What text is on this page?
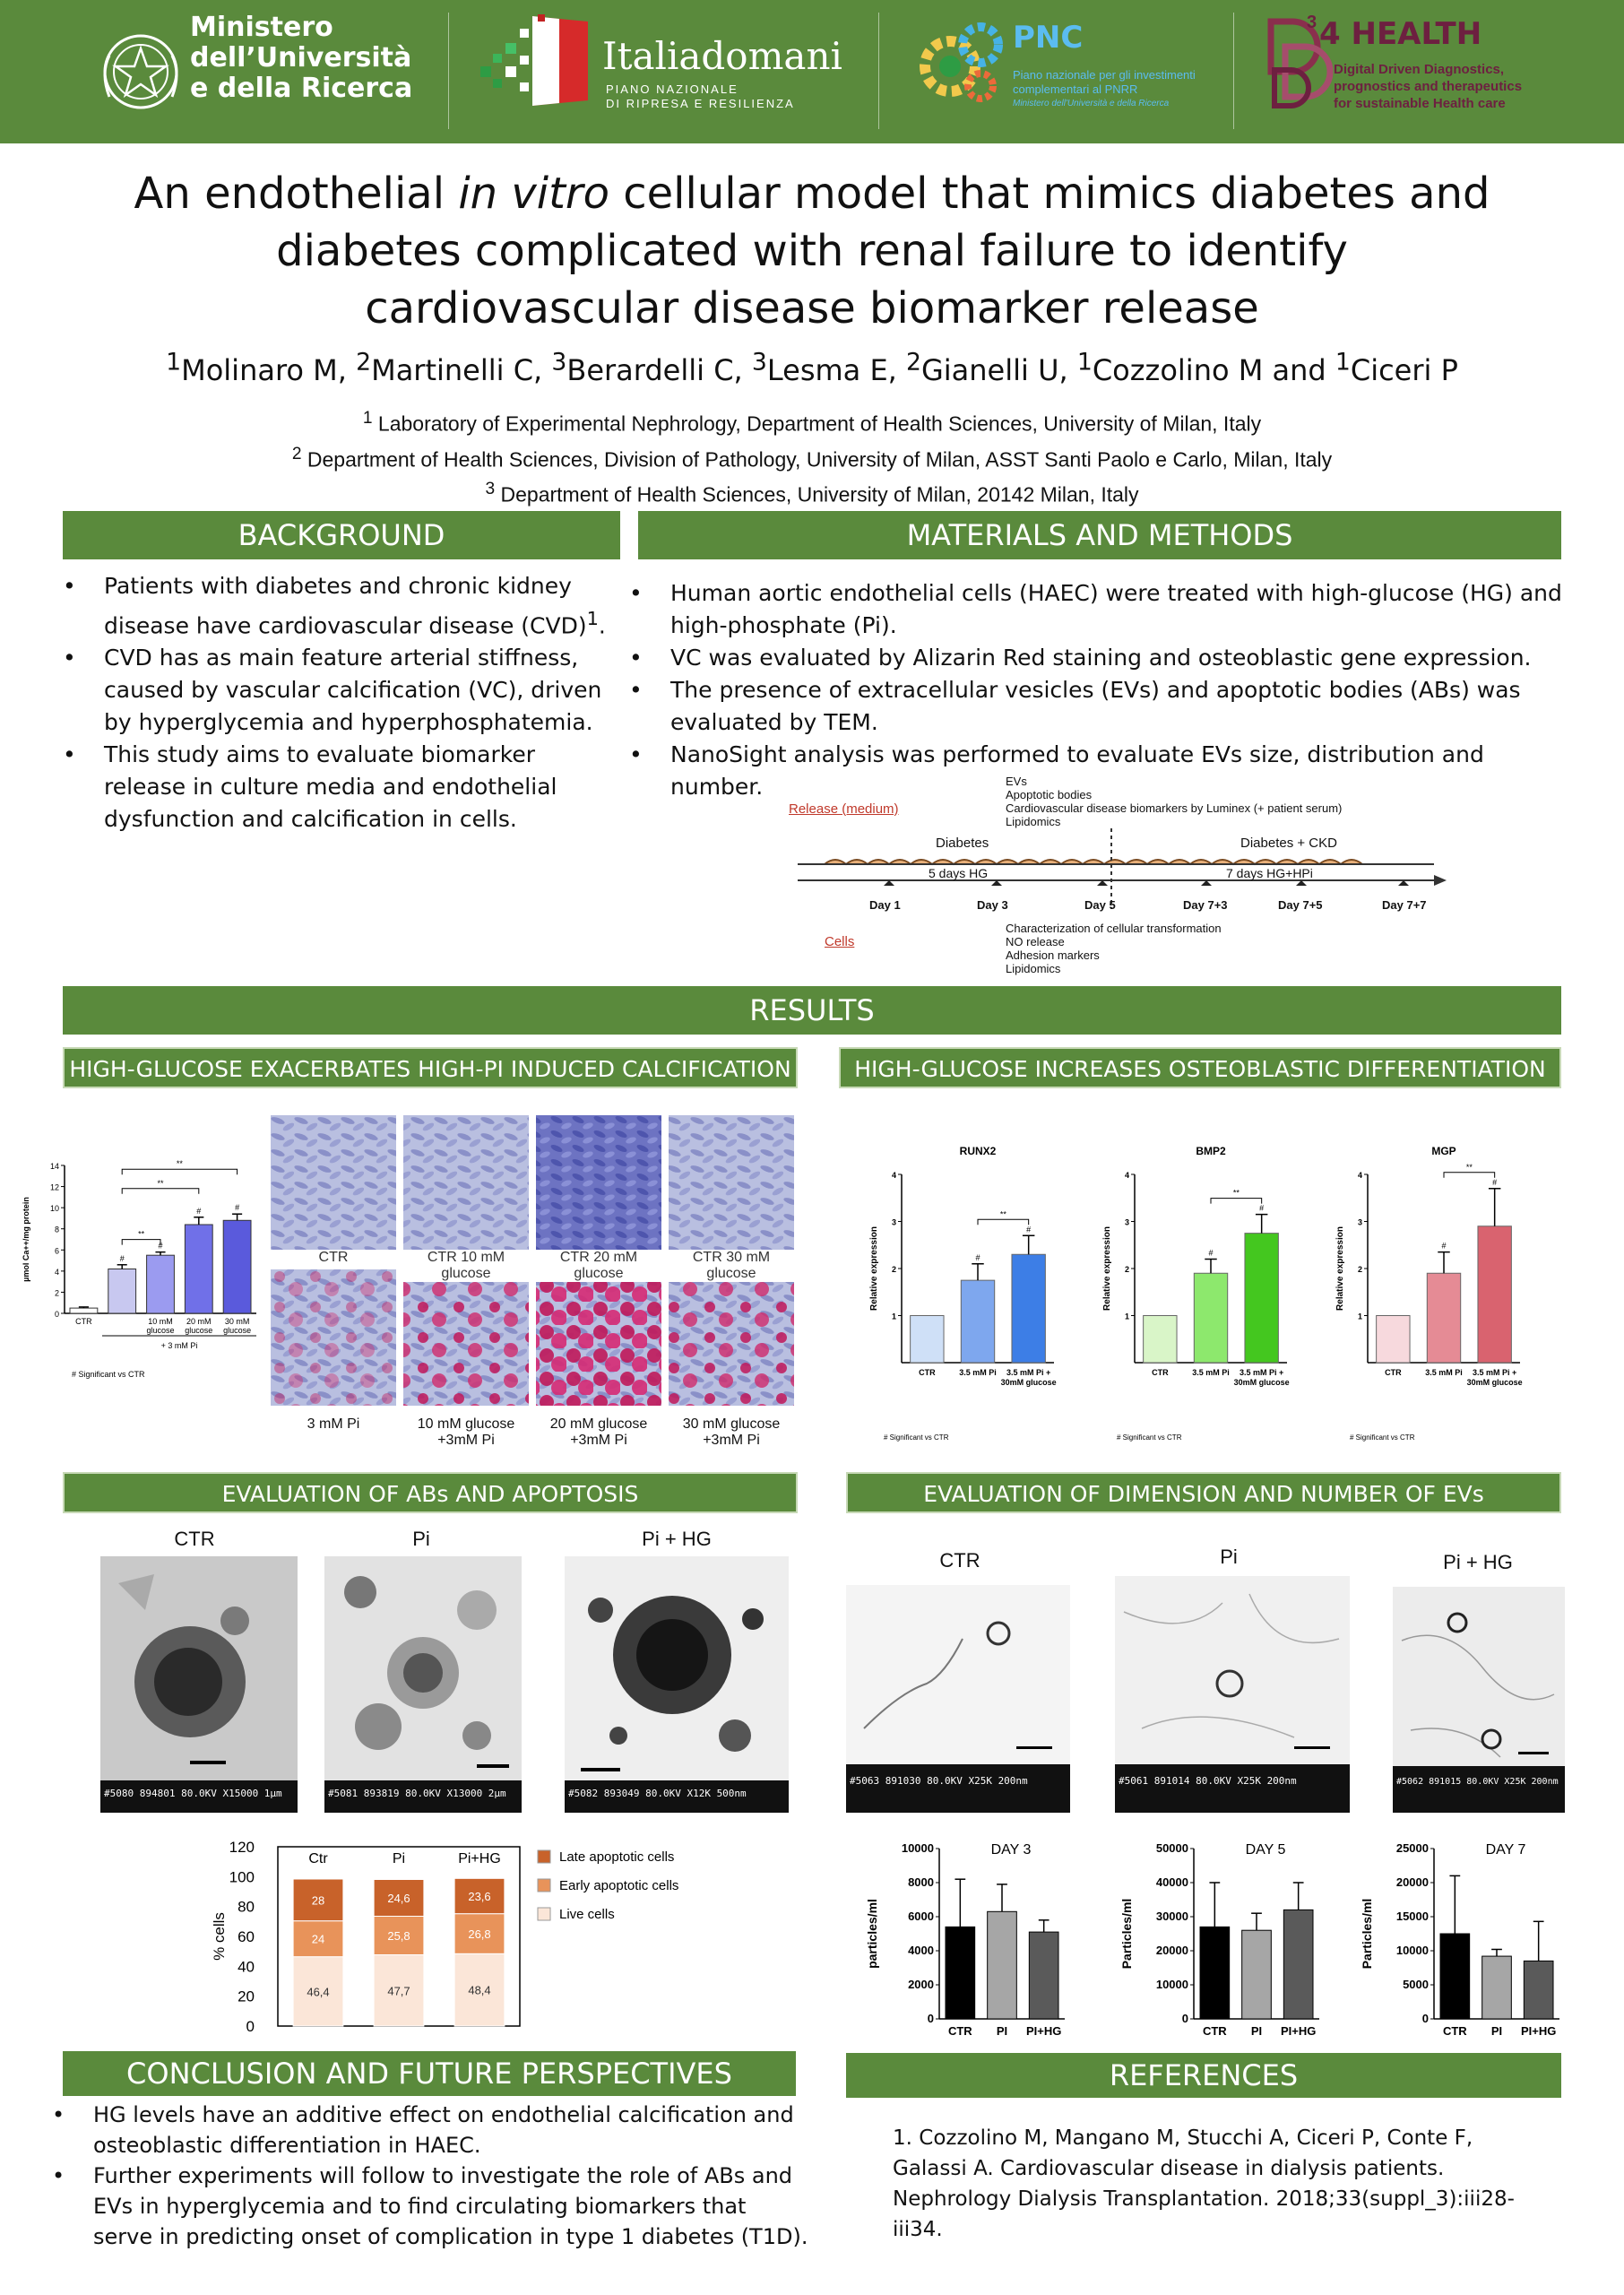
Ministero
dell’Università
e della Ricerca
Italiadomani
PIANO NAZIONALE
DI RIPRESA E RESILIENZA
PNC
Piano nazionale per gli investimenti
complementari al PNRR
Ministero dell'Università e della Ricerca
3 4 HEALTH
Digital Driven Diagnostics,
prognostics and therapeutics
for sustainable Health care
An endothelial in vitro cellular model that mimics diabetes and
diabetes complicated with renal failure to identify
cardiovascular disease biomarker release
$^1$Molinaro M, $^2$Martinelli C, $^3$Berardelli C, $^3$Lesma E, $^2$Gianelli U, $^1$Cozzolino M and $^1$Ciceri P
$^1$ Laboratory of Experimental Nephrology, Department of Health Sciences, University of Milan, Italy
$^2$ Department of Health Sciences, Division of Pathology, University of Milan, ASST Santi Paolo e Carlo, Milan, Italy
$^3$ Department of Health Sciences, University of Milan, 20142 Milan, Italy
BACKGROUND
• Patients with diabetes and chronic kidney disease have cardiovascular disease (CVD)$^1$.
• CVD has as main feature arterial stiffness, caused by vascular calcification (VC), driven by hyperglycemia and hyperphosphatemia.
• This study aims to evaluate biomarker release in culture media and endothelial dysfunction and calcification in cells.
MATERIALS AND METHODS
• Human aortic endothelial cells (HAEC) were treated with high-glucose (HG) and high-phosphate (Pi).
• VC was evaluated by Alizarin Red staining and osteoblastic gene expression.
• The presence of extracellular vesicles (EVs) and apoptotic bodies (ABs) was evaluated by TEM.
• NanoSight analysis was performed to evaluate EVs size, distribution and number.
Release (medium)
EVs
Apoptotic bodies
Cardiovascular disease biomarkers by Luminex (+ patient serum)
Lipidomics
Diabetes	Diabetes + CKD
5 days HG	7 days HG+HPi
Day 1	Day 3	Day 5	Day 7+3	Day 7+5	Day 7+7
Cells
Characterization of cellular transformation
NO release
Adhesion markers
Lipidomics
RESULTS
HIGH-GLUCOSE EXACERBATES HIGH-PI INDUCED CALCIFICATION	HIGH-GLUCOSE INCREASES OSTEOBLASTIC DIFFERENTIATION
0
2
4
6
8
10
12
14
µmol Ca++/mg protein
CTR
#
#
10 mM
#
20 mM
#
30 mM
**
**
**
glucose glucose glucose
+ 3 mM Pi
# Significant vs CTR
CTR	CTR 10 mM glucose
CTR 20 mM glucose
CTR 30 mM glucose
3 mM Pi	10 mM glucose
+3mM Pi
20 mM glucose
+3mM Pi
30 mM glucose
+3mM Pi
1
2
3
4
Relative expression
RUNX2
CTR
#
3.5 mM Pi
#
3.5 mM Pi +
30mM glucose
**
# Significant vs CTR
1
2
3
4
Relative expression
BMP2
CTR
#
3.5 mM Pi
#
3.5 mM Pi +
30mM glucose
**
# Significant vs CTR
1
2
3
4
Relative expression
MGP
CTR
#
3.5 mM Pi
#
3.5 mM Pi +
30mM glucose
**
# Significant vs CTR
EVALUATION OF ABs AND APOPTOSIS	EVALUATION OF DIMENSION AND NUMBER OF EVs
CTR	Pi	Pi + HG
#5080 894801 80.0KV X15000 1µm	#5081 893819 80.0KV X13000 2µm	#5082 893049 80.0KV X12K 500nm
0
20
40
60
80
100
120
% cells
Ctr
46,4
24
28
Pi
47,7
25,8
24,6
Pi+HG
48,4
26,8
23,6
Late apoptotic cells
Early apoptotic cells
Live cells
CTR	Pi	Pi + HG
#5063 891030 80.0KV X25K 200nm	#5061 891014 80.0KV X25K 200nm	#5062 891015 80.0KV X25K 200nm
0
2000
4000
6000
8000
10000
particles/ml
DAY 3
CTR PI PI+HG
0
10000
20000
30000
40000
50000
Particles/ml
DAY 5
CTR PI PI+HG
0
5000
10000
15000
20000
25000
Particles/ml
DAY 7
CTR PI PI+HG
CONCLUSION AND FUTURE PERSPECTIVES
• HG levels have an additive effect on endothelial calcification and osteoblastic differentiation in HAEC.
• Further experiments will follow to investigate the role of ABs and EVs in hyperglycemia and to find circulating biomarkers that serve in predicting onset of complication in type 1 diabetes (T1D).
REFERENCES
1. Cozzolino M, Mangano M, Stucchi A, Ciceri P, Conte F, Galassi A. Cardiovascular disease in dialysis patients. Nephrology Dialysis Transplantation. 2018;33(suppl_3):iii28-iii34.
